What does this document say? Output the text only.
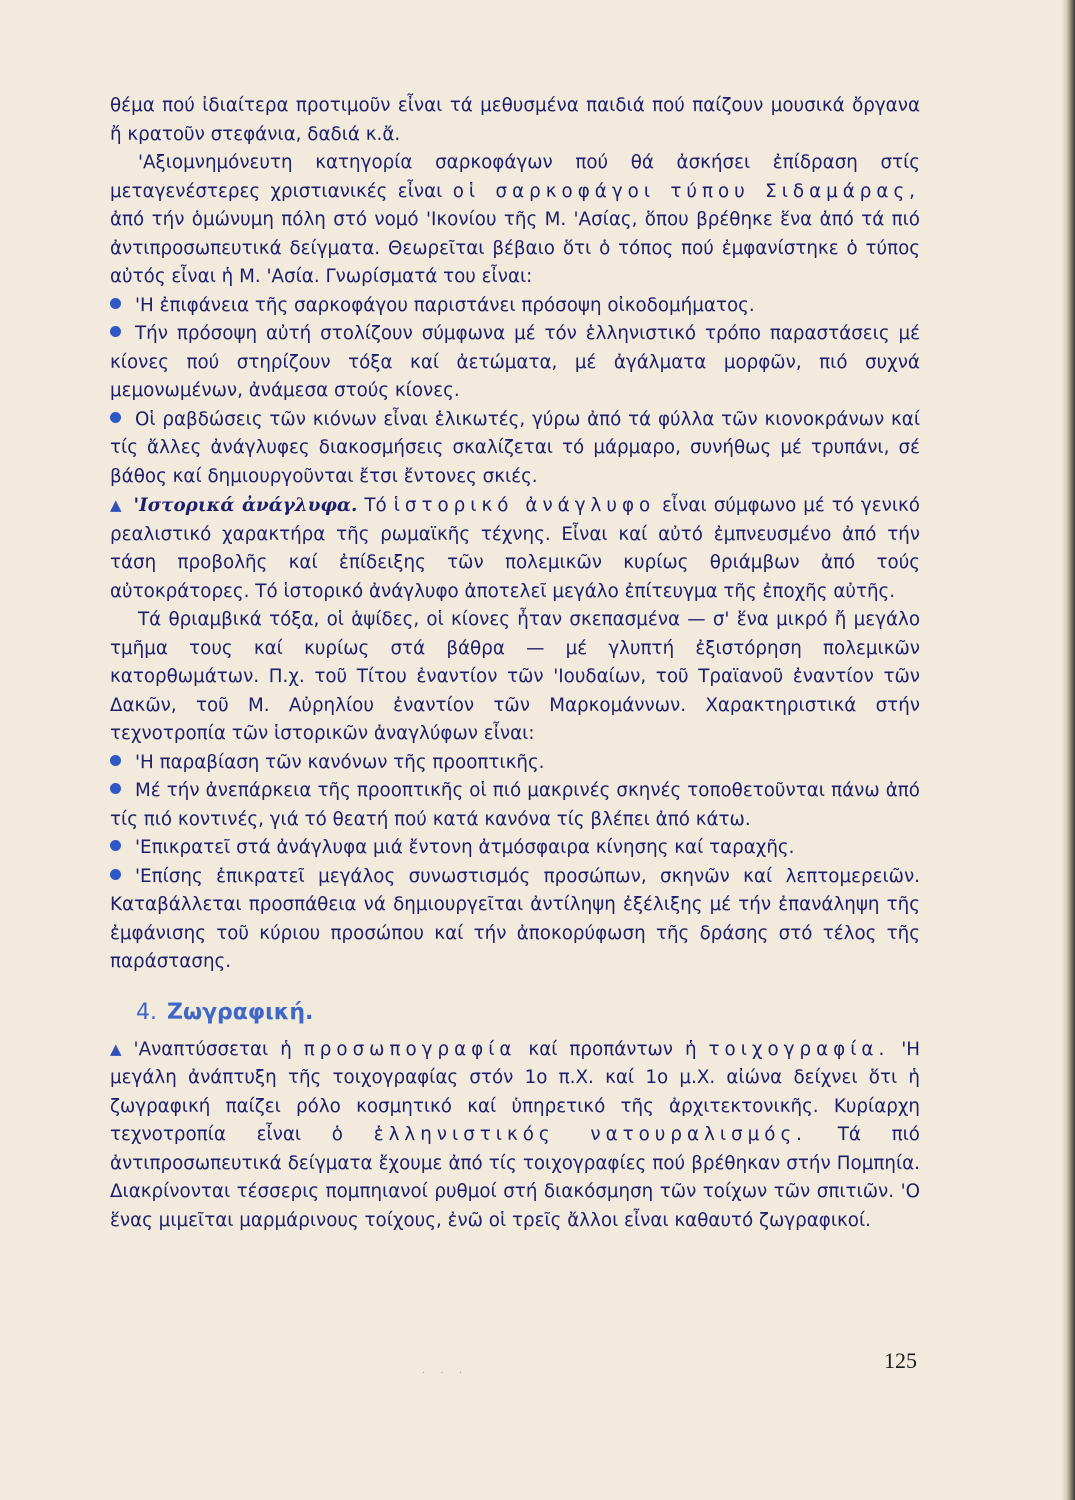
θέμα πού ἰδιαίτερα προτιμοῦν εἶναι τά μεθυσμένα παιδιά πού παίζουν μουσικά ὄργανα ἤ κρατοῦν στεφάνια, δαδιά κ.ἄ.

'Αξιομνημόνευτη κατηγορία σαρκοφάγων πού θά ἀσκήσει ἐπίδραση στίς μεταγενέστερες χριστιανικές εἶναι οἱ σαρκοφάγοι τύπου Σιδαμάρας, ἀπό τήν ὁμώνυμη πόλη στό νομό 'Ικονίου τῆς Μ. 'Ασίας, ὅπου βρέθηκε ἕνα ἀπό τά πιό ἀντιπροσωπευτικά δείγματα. Θεωρεῖται βέβαιο ὅτι ὁ τόπος πού ἐμφανίστηκε ὁ τύπος αὐτός εἶναι ἡ Μ. 'Ασία. Γνωρίσματά του εἶναι:

'Η ἐπιφάνεια τῆς σαρκοφάγου παριστάνει πρόσοψη οἰκοδομήματος.

Τήν πρόσοψη αὐτή στολίζουν σύμφωνα μέ τόν ἑλληνιστικό τρόπο παραστάσεις μέ κίονες πού στηρίζουν τόξα καί ἀετώματα, μέ ἀγάλματα μορφῶν, πιό συχνά μεμονωμένων, ἀνάμεσα στούς κίονες.

Οἱ ραβδώσεις τῶν κιόνων εἶναι ἑλικωτές, γύρω ἀπό τά φύλλα τῶν κιονοκράνων καί τίς ἄλλες ἀνάγλυφες διακοσμήσεις σκαλίζεται τό μάρμαρο, συνήθως μέ τρυπάνι, σέ βάθος καί δημιουργοῦνται ἔτσι ἔντονες σκιές.

▲ 'Ιστορικά ἀνάγλυφα. Τό ἱστορικό ἀνάγλυφο εἶναι σύμφωνο μέ τό γενικό ρεαλιστικό χαρακτήρα τῆς ρωμαϊκῆς τέχνης. Εἶναι καί αὐτό ἐμπνευσμένο ἀπό τήν τάση προβολῆς καί ἐπίδειξης τῶν πολεμικῶν κυρίως θριάμβων ἀπό τούς αὐτοκράτορες. Τό ἱστορικό ἀνάγλυφο ἀποτελεῖ μεγάλο ἐπίτευγμα τῆς ἐποχῆς αὐτῆς.

Τά θριαμβικά τόξα, οἱ ἁψίδες, οἱ κίονες ἦταν σκεπασμένα — σ' ἕνα μικρό ἤ μεγάλο τμῆμα τους καί κυρίως στά βάθρα — μέ γλυπτή ἐξιστόρηση πολεμικῶν κατορθωμάτων. Π.χ. τοῦ Τίτου ἐναντίον τῶν 'Ιουδαίων, τοῦ Τραϊανοῦ ἐναντίον τῶν Δακῶν, τοῦ Μ. Αὐρηλίου ἐναντίον τῶν Μαρκομάννων. Χαρακτηριστικά στήν τεχνοτροπία τῶν ἱστορικῶν ἀναγλύφων εἶναι:

'Η παραβίαση τῶν κανόνων τῆς προοπτικῆς.

Μέ τήν ἀνεπάρκεια τῆς προοπτικῆς οἱ πιό μακρινές σκηνές τοποθετοῦνται πάνω ἀπό τίς πιό κοντινές, γιά τό θεατή πού κατά κανόνα τίς βλέπει ἀπό κάτω.

'Επικρατεῖ στά ἀνάγλυφα μιά ἔντονη ἀτμόσφαιρα κίνησης καί ταραχῆς.

'Επίσης ἐπικρατεῖ μεγάλος συνωστισμός προσώπων, σκηνῶν καί λεπτομερειῶν. Καταβάλλεται προσπάθεια νά δημιουργεῖται ἀντίληψη ἐξέλιξης μέ τήν ἐπανάληψη τῆς ἐμφάνισης τοῦ κύριου προσώπου καί τήν ἀποκορύφωση τῆς δράσης στό τέλος τῆς παράστασης.

4. Ζωγραφική.

▲ 'Αναπτύσσεται ἡ προσωπογραφία καί προπάντων ἡ τοιχογραφία. 'Η μεγάλη ἀνάπτυξη τῆς τοιχογραφίας στόν 1ο π.Χ. καί 1ο μ.Χ. αἰώνα δείχνει ὅτι ἡ ζωγραφική παίζει ρόλο κοσμητικό καί ὑπηρετικό τῆς ἀρχιτεκτονικῆς. Κυρίαρχη τεχνοτροπία εἶναι ὁ ἑλληνιστικός νατουραλισμός. Τά πιό ἀντιπροσωπευτικά δείγματα ἔχουμε ἀπό τίς τοιχογραφίες πού βρέθηκαν στήν Πομπηία. Διακρίνονται τέσσερις πομπηιανοί ρυθμοί στή διακόσμηση τῶν τοίχων τῶν σπιτιῶν. 'Ο ἕνας μιμεῖται μαρμάρινους τοίχους, ἐνῶ οἱ τρεῖς ἄλλοι εἶναι καθαυτό ζωγραφικοί.

· · ·
125
